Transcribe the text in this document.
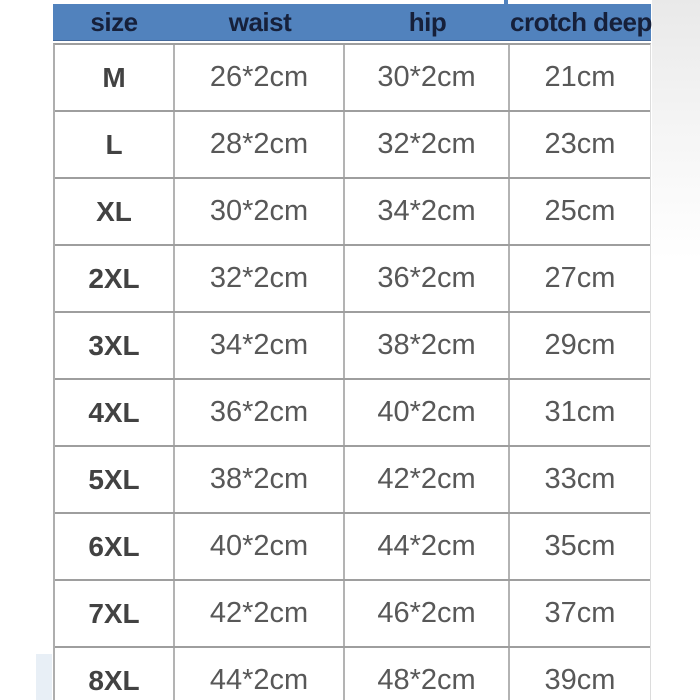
size	waist	hip	crotch deep
M	26*2cm	30*2cm	21cm
L	28*2cm	32*2cm	23cm
XL	30*2cm	34*2cm	25cm
2XL	32*2cm	36*2cm	27cm
3XL	34*2cm	38*2cm	29cm
4XL	36*2cm	40*2cm	31cm
5XL	38*2cm	42*2cm	33cm
6XL	40*2cm	44*2cm	35cm
7XL	42*2cm	46*2cm	37cm
8XL	44*2cm	48*2cm	39cm
